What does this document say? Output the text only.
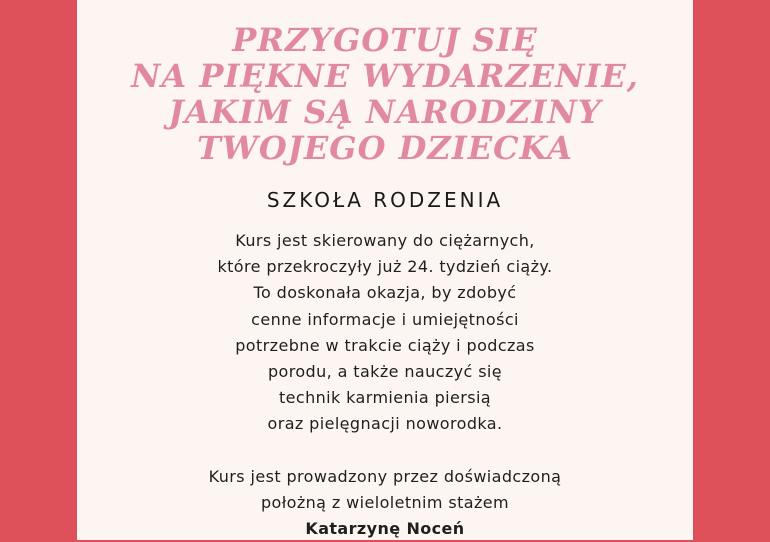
PRZYGOTUJ SIĘ
NA PIĘKNE WYDARZENIE,
JAKIM SĄ NARODZINY
TWOJEGO DZIECKA
SZKOŁA RODZENIA
Kurs jest skierowany do ciężarnych,
które przekroczyły już 24. tydzień ciąży.
To doskonała okazja, by zdobyć
cenne informacje i umiejętności
potrzebne w trakcie ciąży i podczas
porodu, a także nauczyć się
technik karmienia piersią
oraz pielęgnacji noworodka.
Kurs jest prowadzony przez doświadczoną
położną z wieloletnim stażem
Katarzynę Noceń
